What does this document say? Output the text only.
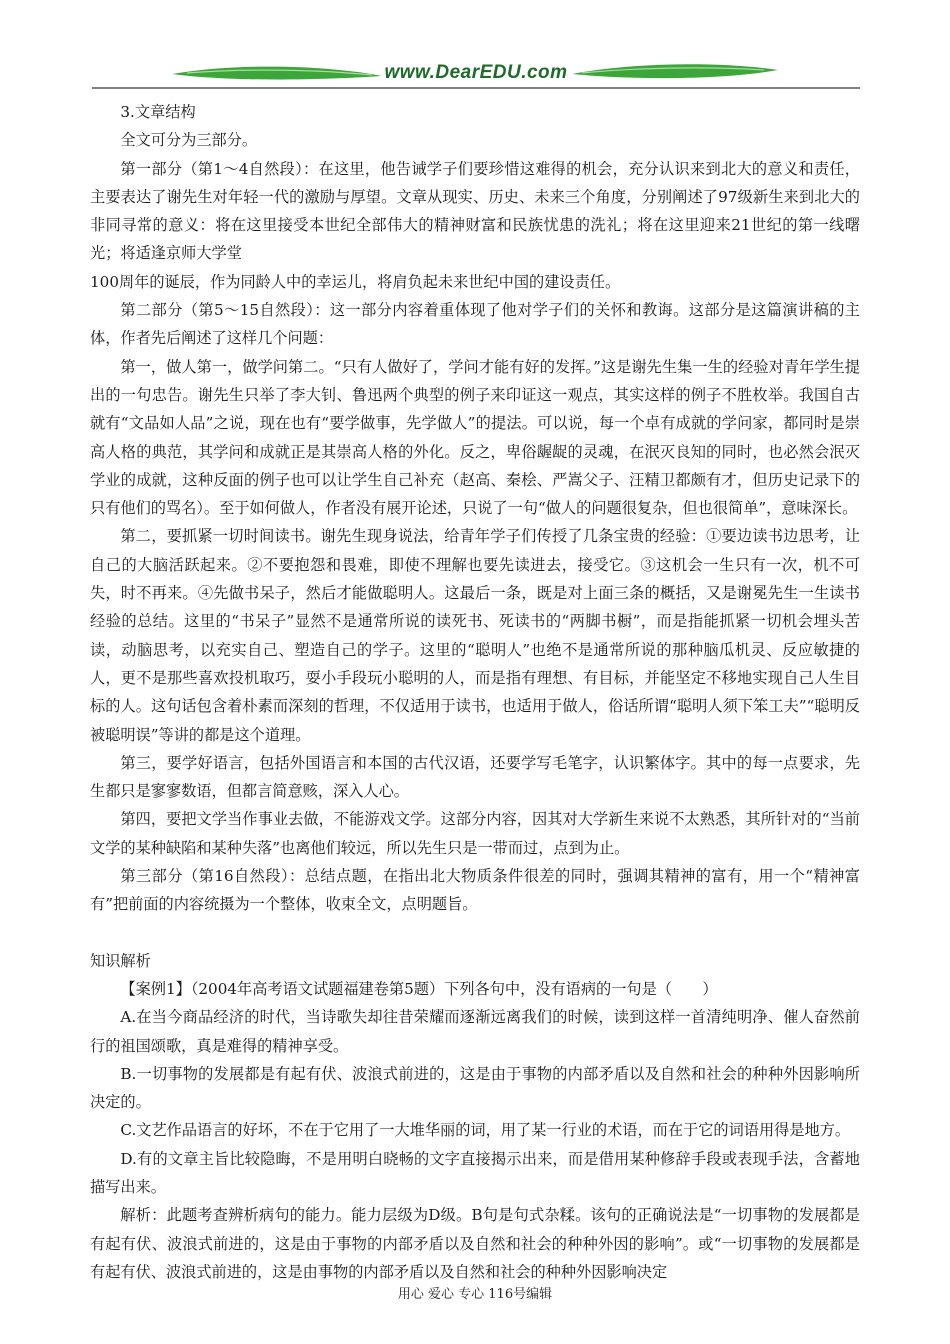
www.DearEDU.com

3.文章结构

全文可分为三部分。

第一部分（第1～4自然段）：在这里，他告诫学子们要珍惜这难得的机会，充分认识来到北大的意义和责任，主要表达了谢先生对年轻一代的激励与厚望。文章从现实、历史、未来三个角度，分别阐述了97级新生来到北大的非同寻常的意义：将在这里接受本世纪全部伟大的精神财富和民族忧患的洗礼；将在这里迎来21世纪的第一线曙光；将适逢京师大学堂

100周年的诞辰，作为同龄人中的幸运儿，将肩负起未来世纪中国的建设责任。

第二部分（第5～15自然段）：这一部分内容着重体现了他对学子们的关怀和教诲。这部分是这篇演讲稿的主体，作者先后阐述了这样几个问题：

第一，做人第一，做学问第二。“只有人做好了，学问才能有好的发挥。”这是谢先生集一生的经验对青年学生提出的一句忠告。谢先生只举了李大钊、鲁迅两个典型的例子来印证这一观点，其实这样的例子不胜枚举。我国自古就有“文品如人品”之说，现在也有“要学做事，先学做人”的提法。可以说，每一个卓有成就的学问家，都同时是崇高人格的典范，其学问和成就正是其崇高人格的外化。反之，卑俗龌龊的灵魂，在泯灭良知的同时，也必然会泯灭学业的成就，这种反面的例子也可以让学生自己补充（赵高、秦桧、严嵩父子、汪精卫都颇有才，但历史记录下的只有他们的骂名）。至于如何做人，作者没有展开论述，只说了一句“做人的问题很复杂，但也很简单”，意味深长。

第二，要抓紧一切时间读书。谢先生现身说法，给青年学子们传授了几条宝贵的经验：①要边读书边思考，让自己的大脑活跃起来。②不要抱怨和畏难，即使不理解也要先读进去，接受它。③这机会一生只有一次，机不可失，时不再来。④先做书呆子，然后才能做聪明人。这最后一条，既是对上面三条的概括，又是谢冕先生一生读书经验的总结。这里的“书呆子”显然不是通常所说的读死书、死读书的“两脚书橱”，而是指能抓紧一切机会埋头苦读，动脑思考，以充实自己、塑造自己的学子。这里的“聪明人”也绝不是通常所说的那种脑瓜机灵、反应敏捷的人，更不是那些喜欢投机取巧，耍小手段玩小聪明的人，而是指有理想、有目标，并能坚定不移地实现自己人生目标的人。这句话包含着朴素而深刻的哲理，不仅适用于读书，也适用于做人，俗话所谓“聪明人须下笨工夫”“聪明反被聪明误”等讲的都是这个道理。

第三，要学好语言，包括外国语言和本国的古代汉语，还要学写毛笔字，认识繁体字。其中的每一点要求，先生都只是寥寥数语，但都言简意赅，深入人心。

第四，要把文学当作事业去做，不能游戏文学。这部分内容，因其对大学新生来说不太熟悉，其所针对的“当前文学的某种缺陷和某种失落”也离他们较远，所以先生只是一带而过，点到为止。

第三部分（第16自然段）：总结点题，在指出北大物质条件很差的同时，强调其精神的富有，用一个“精神富有”把前面的内容统摄为一个整体，收束全文，点明题旨。

知识解析

【案例1】（2004年高考语文试题福建卷第5题）下列各句中，没有语病的一句是（　　）

A.在当今商品经济的时代，当诗歌失却往昔荣耀而逐渐远离我们的时候，读到这样一首清纯明净、催人奋然前行的祖国颂歌，真是难得的精神享受。

B.一切事物的发展都是有起有伏、波浪式前进的，这是由于事物的内部矛盾以及自然和社会的种种外因影响所决定的。

C.文艺作品语言的好坏，不在于它用了一大堆华丽的词，用了某一行业的术语，而在于它的词语用得是地方。

D.有的文章主旨比较隐晦，不是用明白晓畅的文字直接揭示出来，而是借用某种修辞手段或表现手法，含蓄地描写出来。

解析：此题考查辨析病句的能力。能力层级为D级。B句是句式杂糅。该句的正确说法是“一切事物的发展都是有起有伏、波浪式前进的，这是由于事物的内部矛盾以及自然和社会的种种外因的影响”。或“一切事物的发展都是有起有伏、波浪式前进的，这是由事物的内部矛盾以及自然和社会的种种外因影响决定

用心 爱心 专心 116号编辑
